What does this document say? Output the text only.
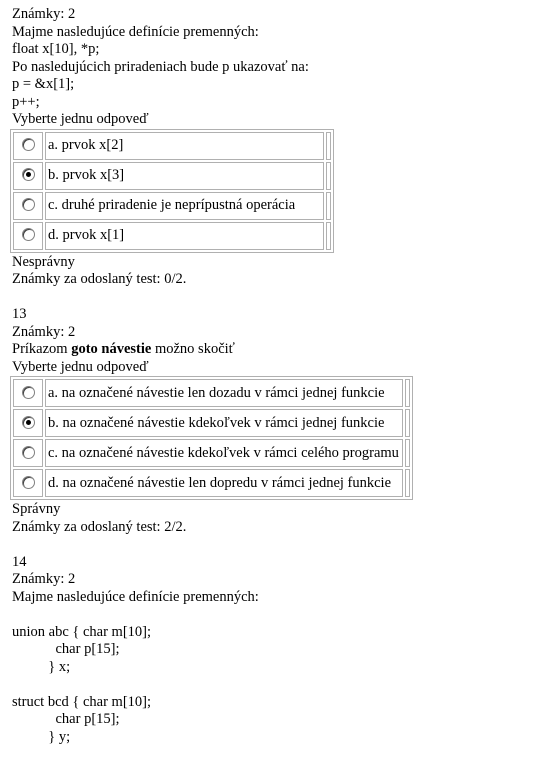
Známky: 2
Majme nasledujúce definície premenných:
float x[10], *p;
Po nasledujúcich priradeniach bude p ukazovať na:
p = &x[1];
p++;
Vyberte jednu odpoveď
	a. prvok x[2]	
	b. prvok x[3]	
	c. druhé priradenie je neprípustná operácia	
	d. prvok x[1]	
Nesprávny
Známky za odoslaný test: 0/2.
13
Známky: 2
Príkazom goto návestie možno skočiť
Vyberte jednu odpoveď
	a. na označené návestie len dozadu v rámci jednej funkcie	
	b. na označené návestie kdekoľvek v rámci jednej funkcie	
	c. na označené návestie kdekoľvek v rámci celého programu	
	d. na označené návestie len dopredu v rámci jednej funkcie	
Správny
Známky za odoslaný test: 2/2.
14
Známky: 2
Majme nasledujúce definície premenných:
union abc { char m[10];
char p[15];
} x;
struct bcd { char m[10];
char p[15];
} y;
